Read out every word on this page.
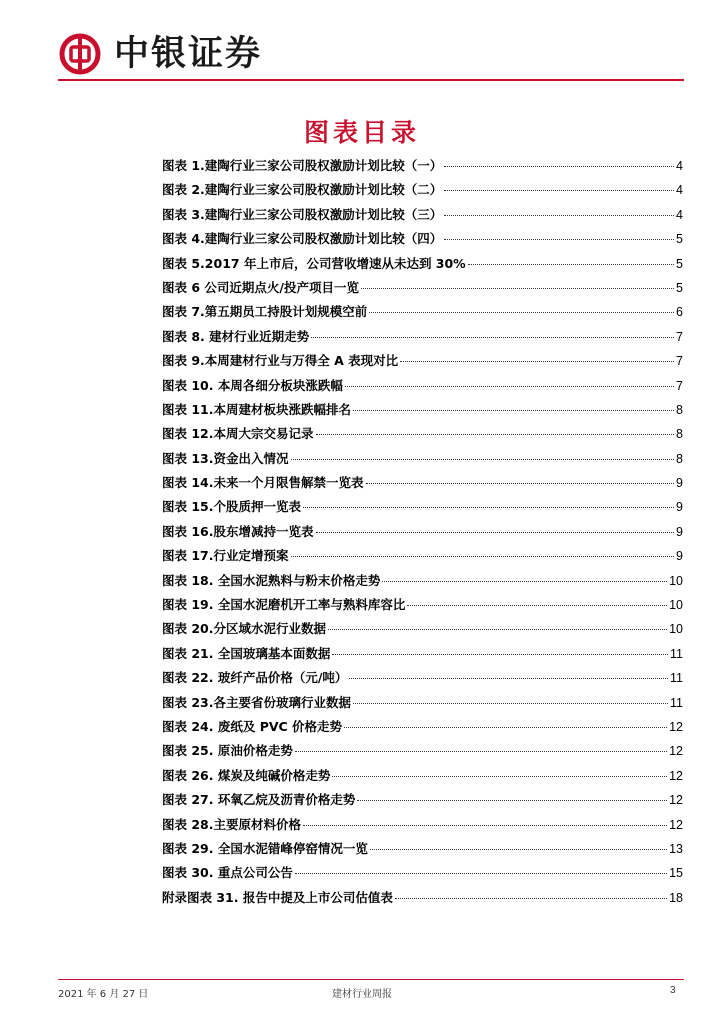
中银证券
图表目录
图表 1.建陶行业三家公司股权激励计划比较（一）	4
图表 2.建陶行业三家公司股权激励计划比较（二）	4
图表 3.建陶行业三家公司股权激励计划比较（三）	4
图表 4.建陶行业三家公司股权激励计划比较（四）	5
图表 5.2017 年上市后，公司营收增速从未达到 30%	5
图表 6 公司近期点火/投产项目一览	5
图表 7.第五期员工持股计划规模空前	6
图表 8. 建材行业近期走势	7
图表 9.本周建材行业与万得全 A 表现对比	7
图表 10. 本周各细分板块涨跌幅	7
图表 11.本周建材板块涨跌幅排名	8
图表 12.本周大宗交易记录	8
图表 13.资金出入情况	8
图表 14.未来一个月限售解禁一览表	9
图表 15.个股质押一览表	9
图表 16.股东增减持一览表	9
图表 17.行业定增预案	9
图表 18. 全国水泥熟料与粉末价格走势	10
图表 19. 全国水泥磨机开工率与熟料库容比	10
图表 20.分区域水泥行业数据	10
图表 21. 全国玻璃基本面数据	11
图表 22. 玻纤产品价格（元/吨）	11
图表 23.各主要省份玻璃行业数据	11
图表 24. 废纸及 PVC 价格走势	12
图表 25. 原油价格走势	12
图表 26. 煤炭及纯碱价格走势	12
图表 27. 环氧乙烷及沥青价格走势	12
图表 28.主要原材料价格	12
图表 29. 全国水泥错峰停窑情况一览	13
图表 30. 重点公司公告	15
附录图表 31. 报告中提及上市公司估值表	18
2021 年 6 月 27 日	建材行业周报	3
